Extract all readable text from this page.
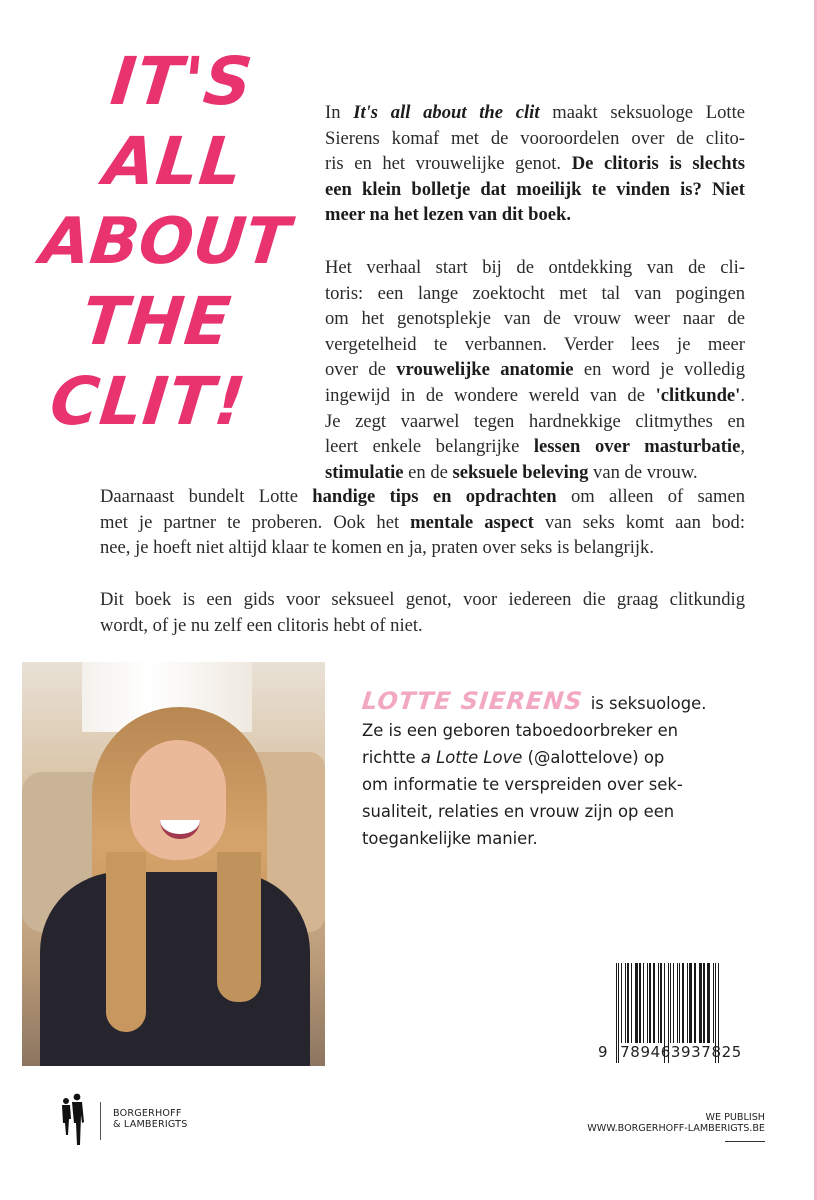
IT'S
ALL
ABOUT
THE
CLIT!
In It's all about the clit maakt seksuologe Lotte
Sierens komaf met de vooroordelen over de clito-
ris en het vrouwelijke genot. De clitoris is slechts
een klein bolletje dat moeilijk te vinden is? Niet
meer na het lezen van dit boek.
Het verhaal start bij de ontdekking van de cli-
toris: een lange zoektocht met tal van pogingen
om het genotsplekje van de vrouw weer naar de
vergetelheid te verbannen. Verder lees je meer
over de vrouwelijke anatomie en word je volledig
ingewijd in de wondere wereld van de 'clitkunde'.
Je zegt vaarwel tegen hardnekkige clitmythes en
leert enkele belangrijke lessen over masturbatie,
stimulatie en de seksuele beleving van de vrouw.
Daarnaast bundelt Lotte handige tips en opdrachten om alleen of samen
met je partner te proberen. Ook het mentale aspect van seks komt aan bod:
nee, je hoeft niet altijd klaar te komen en ja, praten over seks is belangrijk.
Dit boek is een gids voor seksueel genot, voor iedereen die graag clitkundig
wordt, of je nu zelf een clitoris hebt of niet.
LOTTE SIERENS is seksuologe.
Ze is een geboren taboedoorbreker en
richtte a Lotte Love (@alottelove) op
om informatie te verspreiden over sek-
sualiteit, relaties en vrouw zijn op een
toegankelijke manier.
9 789463937825
BORGERHOFF
& LAMBERIGTS
WE PUBLISH
WWW.BORGERHOFF-LAMBERIGTS.BE
